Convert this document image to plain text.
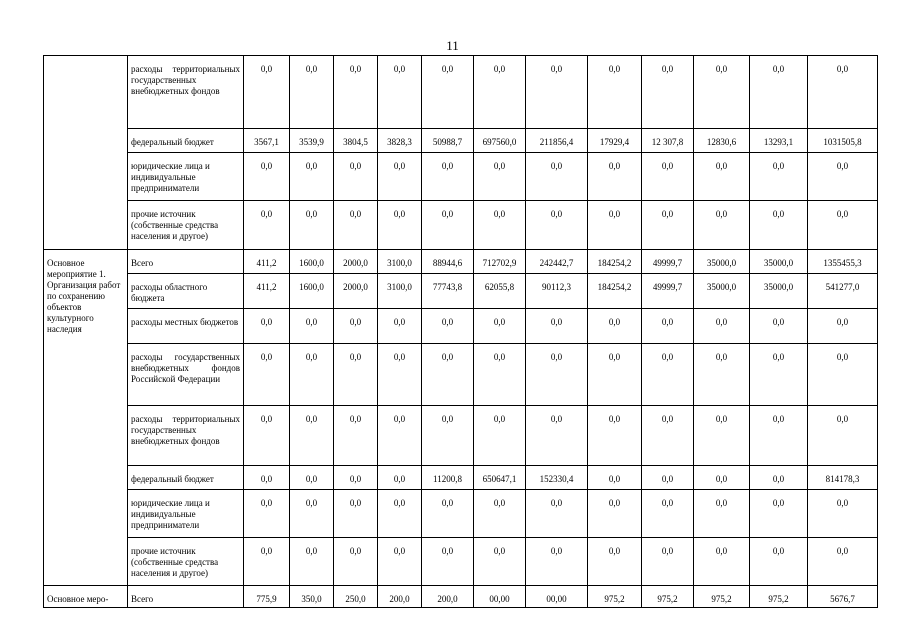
11
	расходы территориальных государственных внебюджетных фондов	0,0	0,0	0,0	0,0	0,0	0,0	0,0	0,0	0,0	0,0	0,0	0,0
	федеральный бюджет	3567,1	3539,9	3804,5	3828,3	50988,7	697560,0	211856,4	17929,4	12 307,8	12830,6	13293,1	1031505,8
	юридические лица и индивидуальные предприниматели	0,0	0,0	0,0	0,0	0,0	0,0	0,0	0,0	0,0	0,0	0,0	0,0
	прочие источник (собственные средства населения и другое)	0,0	0,0	0,0	0,0	0,0	0,0	0,0	0,0	0,0	0,0	0,0	0,0
Основное мероприятие 1. Организация работ по сохранению объектов культурного наследия	Всего	411,2	1600,0	2000,0	3100,0	88944,6	712702,9	242442,7	184254,2	49999,7	35000,0	35000,0	1355455,3
	расходы областного бюджета	411,2	1600,0	2000,0	3100,0	77743,8	62055,8	90112,3	184254,2	49999,7	35000,0	35000,0	541277,0
	расходы местных бюджетов	0,0	0,0	0,0	0,0	0,0	0,0	0,0	0,0	0,0	0,0	0,0	0,0
	расходы государственных внебюджетных фондов Российской Федерации	0,0	0,0	0,0	0,0	0,0	0,0	0,0	0,0	0,0	0,0	0,0	0,0
	расходы территориальных государственных внебюджетных фондов	0,0	0,0	0,0	0,0	0,0	0,0	0,0	0,0	0,0	0,0	0,0	0,0
	федеральный бюджет	0,0	0,0	0,0	0,0	11200,8	650647,1	152330,4	0,0	0,0	0,0	0,0	814178,3
	юридические лица и индивидуальные предприниматели	0,0	0,0	0,0	0,0	0,0	0,0	0,0	0,0	0,0	0,0	0,0	0,0
	прочие источник (собственные средства населения и другое)	0,0	0,0	0,0	0,0	0,0	0,0	0,0	0,0	0,0	0,0	0,0	0,0
Основное меро-	Всего	775,9	350,0	250,0	200,0	200,0	00,00	00,00	975,2	975,2	975,2	975,2	5676,7
